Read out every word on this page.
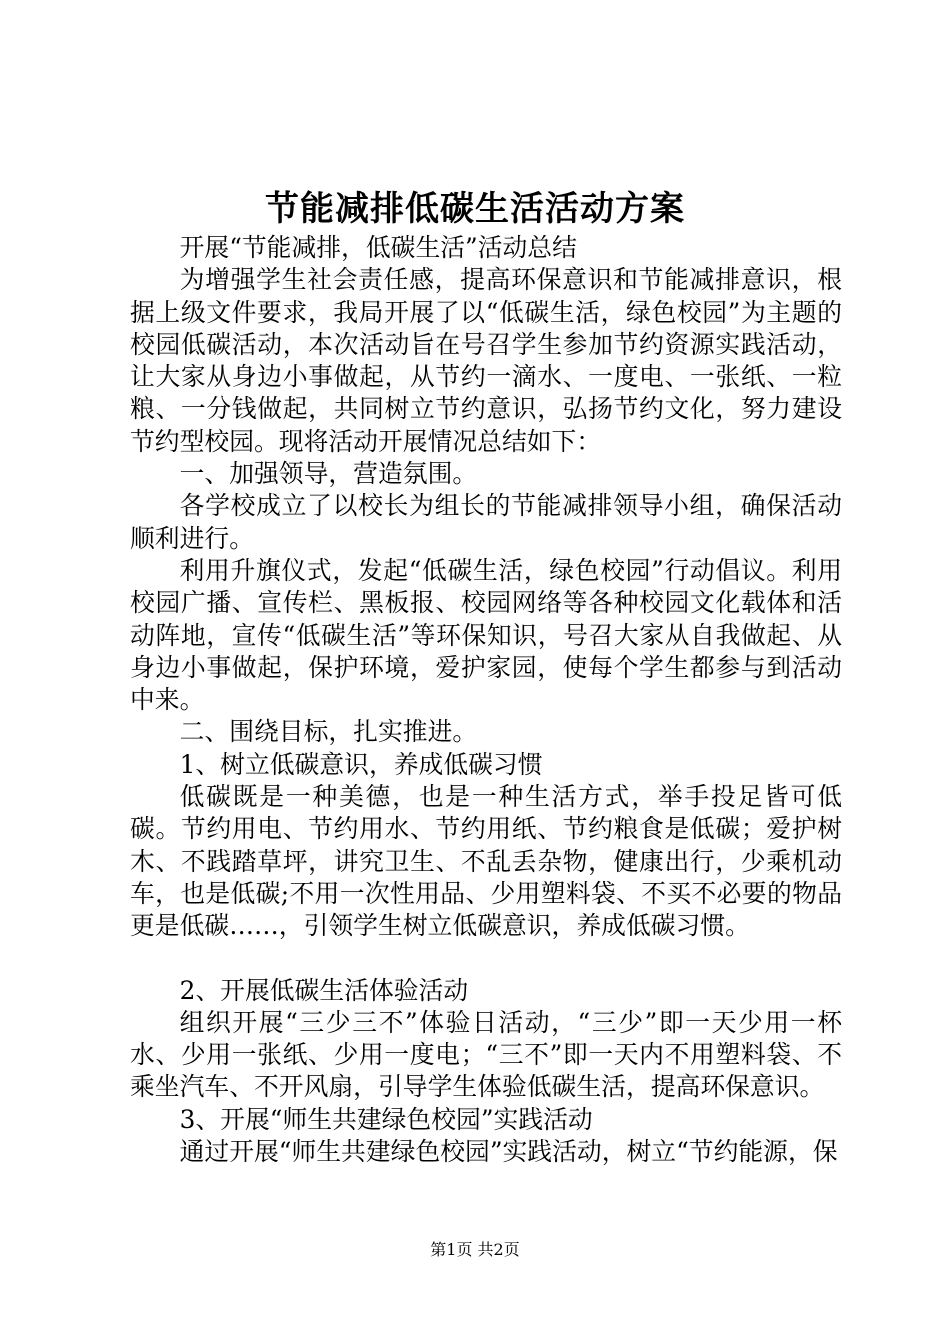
节能减排低碳生活活动方案

开展“节能减排，低碳生活”活动总结

为增强学生社会责任感，提高环保意识和节能减排意识，根据上级文件要求，我局开展了以“低碳生活，绿色校园”为主题的校园低碳活动，本次活动旨在号召学生参加节约资源实践活动，让大家从身边小事做起，从节约一滴水、一度电、一张纸、一粒粮、一分钱做起，共同树立节约意识，弘扬节约文化，努力建设节约型校园。现将活动开展情况总结如下：

一、加强领导，营造氛围。

各学校成立了以校长为组长的节能减排领导小组，确保活动顺利进行。

利用升旗仪式，发起“低碳生活，绿色校园”行动倡议。利用校园广播、宣传栏、黑板报、校园网络等各种校园文化载体和活动阵地，宣传“低碳生活”等环保知识，号召大家从自我做起、从身边小事做起，保护环境，爱护家园，使每个学生都参与到活动中来。

二、围绕目标，扎实推进。

1、树立低碳意识，养成低碳习惯

低碳既是一种美德，也是一种生活方式，举手投足皆可低碳。节约用电、节约用水、节约用纸、节约粮食是低碳；爱护树木、不践踏草坪，讲究卫生、不乱丢杂物，健康出行，少乘机动车，也是低碳;不用一次性用品、少用塑料袋、不买不必要的物品更是低碳……，引领学生树立低碳意识，养成低碳习惯。

2、开展低碳生活体验活动

组织开展“三少三不”体验日活动，“三少”即一天少用一杯水、少用一张纸、少用一度电；“三不”即一天内不用塑料袋、不乘坐汽车、不开风扇，引导学生体验低碳生活，提高环保意识。

3、开展“师生共建绿色校园”实践活动

通过开展“师生共建绿色校园”实践活动，树立“节约能源，保

第1页 共2页
